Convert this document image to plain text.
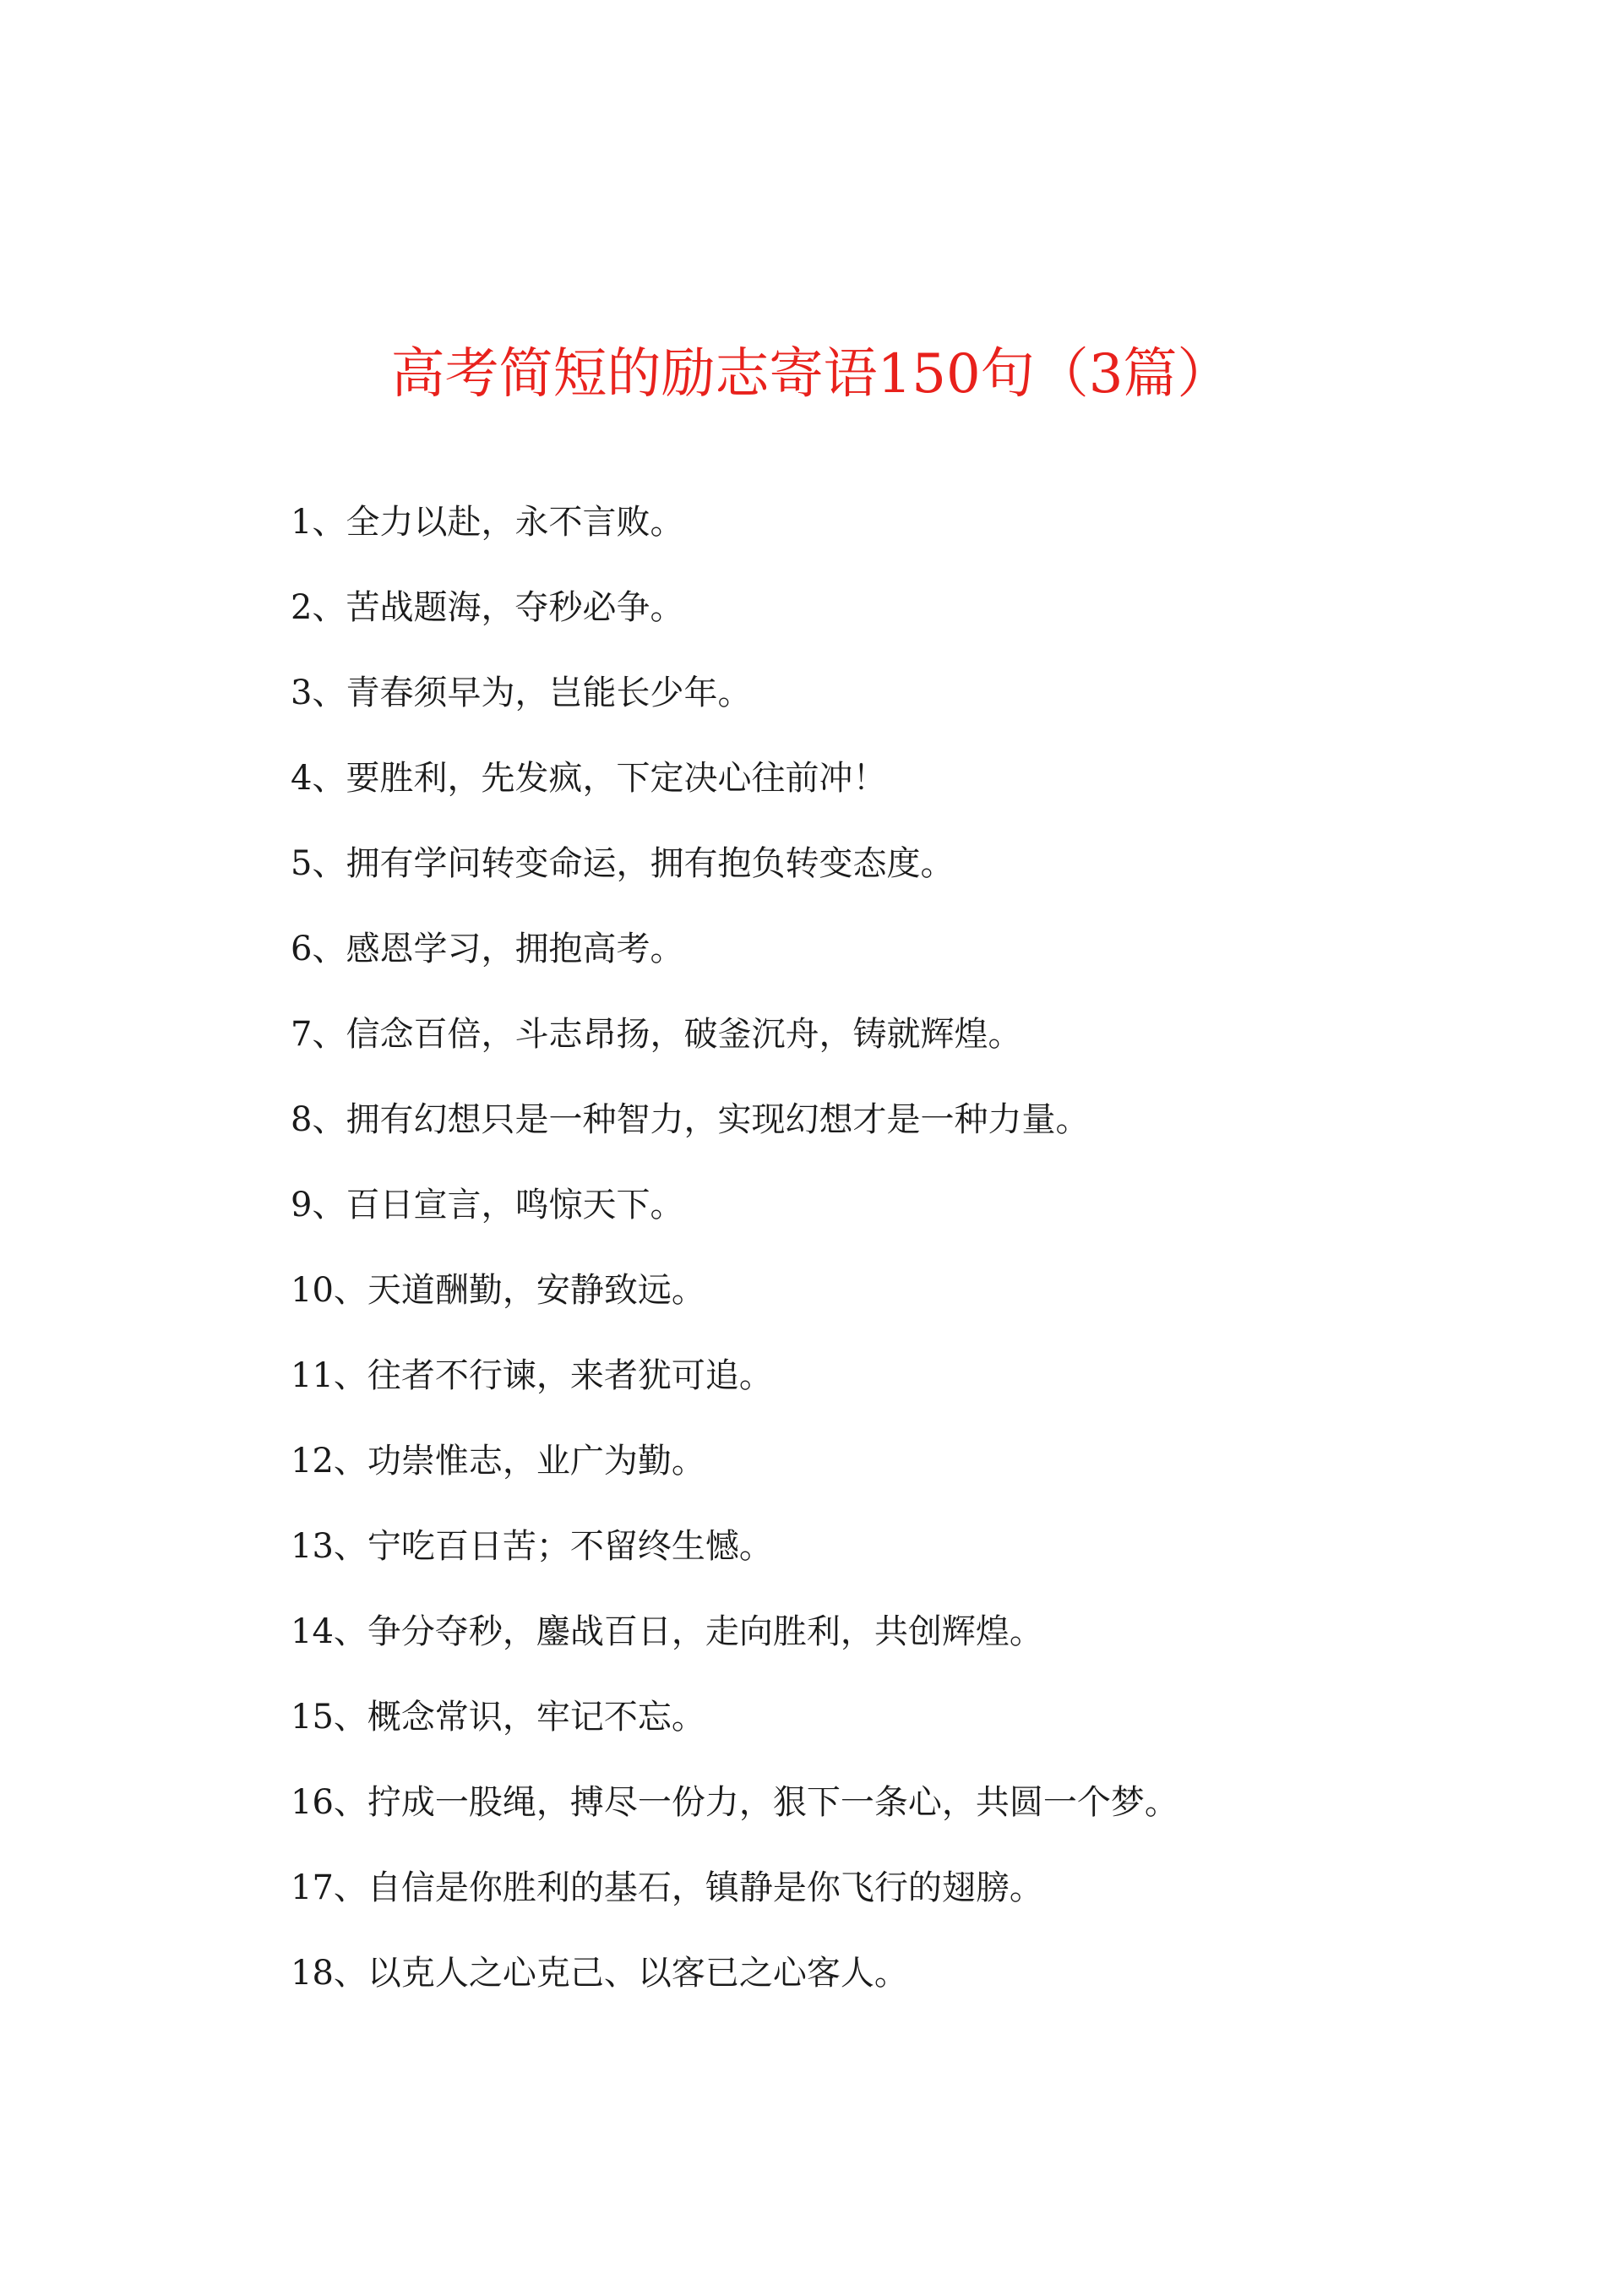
高考简短的励志寄语150句（3篇）
1、全力以赴，永不言败。
2、苦战题海，夺秒必争。
3、青春须早为，岂能长少年。
4、要胜利，先发疯，下定决心往前冲！
5、拥有学问转变命运，拥有抱负转变态度。
6、感恩学习，拥抱高考。
7、信念百倍，斗志昂扬，破釜沉舟，铸就辉煌。
8、拥有幻想只是一种智力，实现幻想才是一种力量。
9、百日宣言，鸣惊天下。
10、天道酬勤，安静致远。
11、往者不行谏，来者犹可追。
12、功崇惟志，业广为勤。
13、宁吃百日苦；不留终生憾。
14、争分夺秒，鏖战百日，走向胜利，共创辉煌。
15、概念常识，牢记不忘。
16、拧成一股绳，搏尽一份力，狠下一条心，共圆一个梦。
17、自信是你胜利的基石，镇静是你飞行的翅膀。
18、以克人之心克己、以客已之心客人。
